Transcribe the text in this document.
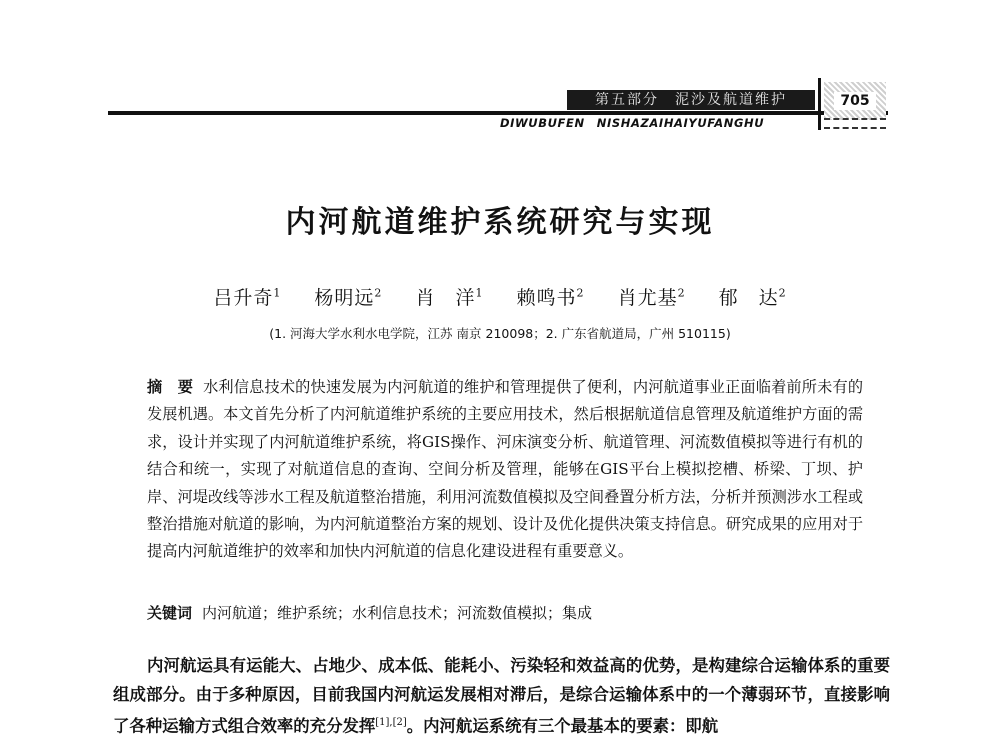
第五部分　泥沙及航道维护	705
DIWUBUFEN　NISHAZAIHAIYUFANGHU
内河航道维护系统研究与实现
吕升奇$^1$ 杨明远$^2$ 肖　洋$^1$ 赖鸣书$^2$ 肖尤基$^2$ 郁　达$^2$
(1. 河海大学水利水电学院，江苏 南京 210098；2. 广东省航道局，广州 510115)
摘　要 水利信息技术的快速发展为内河航道的维护和管理提供了便利，内河航道事业正面临着前所未有的发展机遇。本文首先分析了内河航道维护系统的主要应用技术，然后根据航道信息管理及航道维护方面的需求，设计并实现了内河航道维护系统，将GIS操作、河床演变分析、航道管理、河流数值模拟等进行有机的结合和统一，实现了对航道信息的查询、空间分析及管理，能够在GIS平台上模拟挖槽、桥梁、丁坝、护岸、河堤改线等涉水工程及航道整治措施，利用河流数值模拟及空间叠置分析方法，分析并预测涉水工程或整治措施对航道的影响，为内河航道整治方案的规划、设计及优化提供决策支持信息。研究成果的应用对于提高内河航道维护的效率和加快内河航道的信息化建设进程有重要意义。
关键词 内河航道；维护系统；水利信息技术；河流数值模拟；集成
内河航运具有运能大、占地少、成本低、能耗小、污染轻和效益高的优势，是构建综合运输体系的重要组成部分。由于多种原因，目前我国内河航运发展相对滞后，是综合运输体系中的一个薄弱环节，直接影响了各种运输方式组合效率的充分发挥[1],[2]。内河航运系统有三个最基本的要素：即航
